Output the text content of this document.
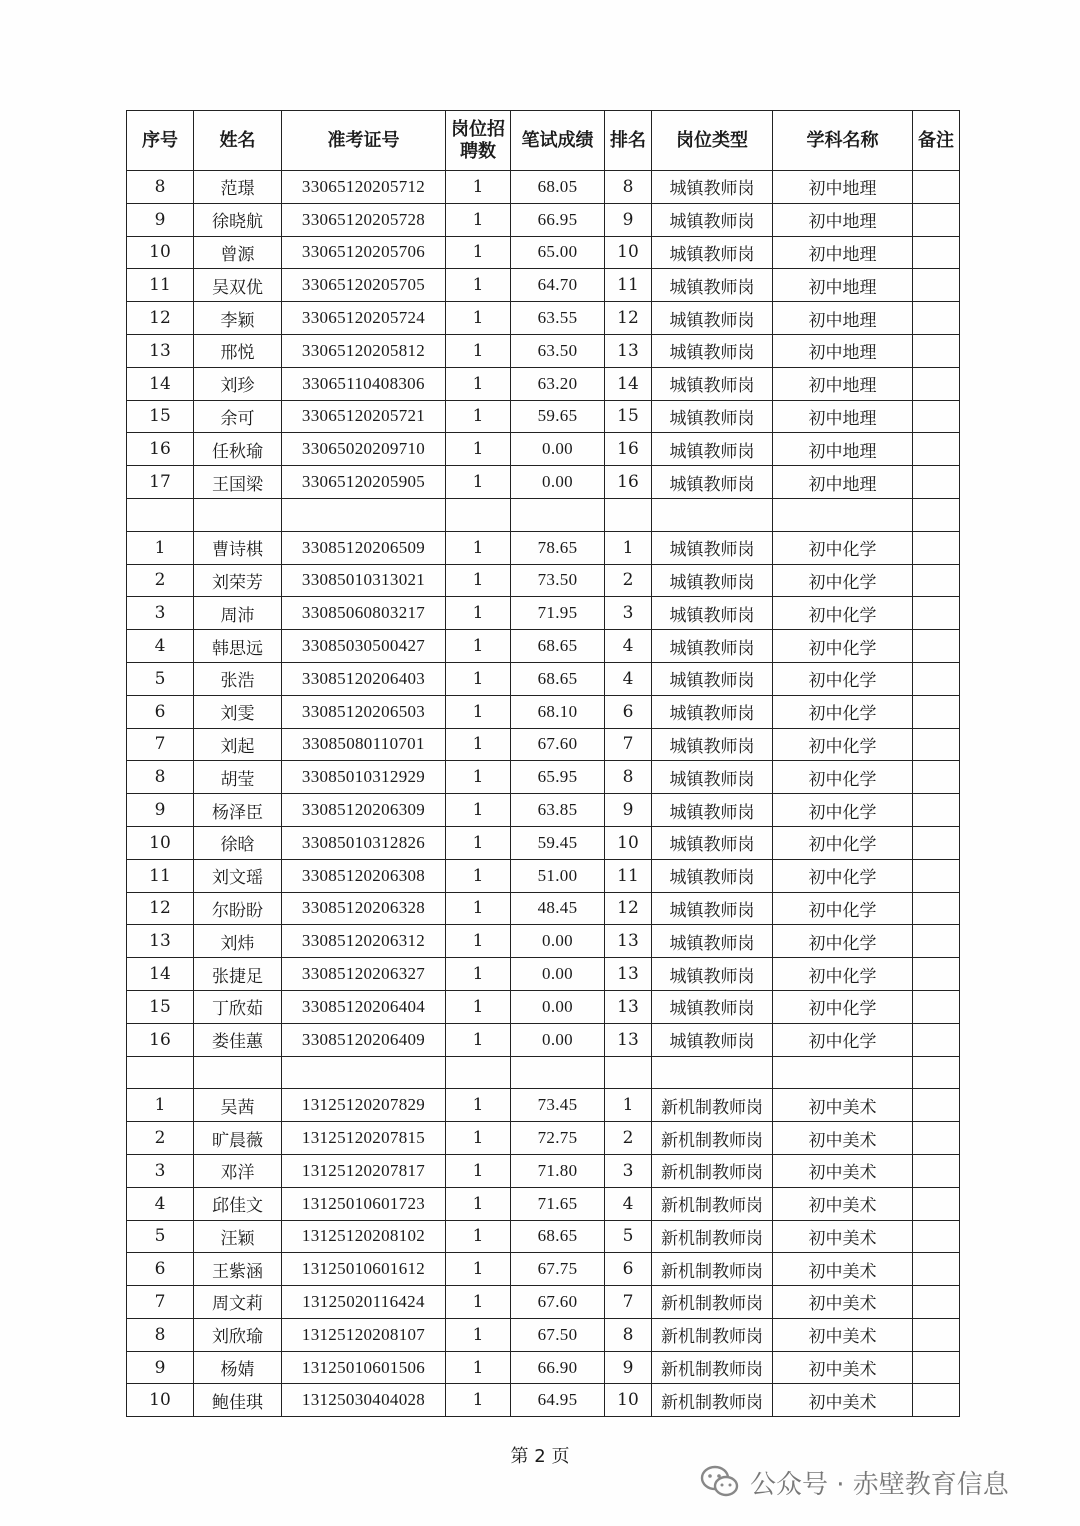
序号	姓名	准考证号	岗位招聘数	笔试成绩	排名	岗位类型	学科名称	备注
8	范璟	33065120205712	1	68.05	8	城镇教师岗	初中地理	
9	徐晓航	33065120205728	1	66.95	9	城镇教师岗	初中地理	
10	曾源	33065120205706	1	65.00	10	城镇教师岗	初中地理	
11	吴双优	33065120205705	1	64.70	11	城镇教师岗	初中地理	
12	李颖	33065120205724	1	63.55	12	城镇教师岗	初中地理	
13	邢悦	33065120205812	1	63.50	13	城镇教师岗	初中地理	
14	刘珍	33065110408306	1	63.20	14	城镇教师岗	初中地理	
15	余可	33065120205721	1	59.65	15	城镇教师岗	初中地理	
16	任秋瑜	33065020209710	1	0.00	16	城镇教师岗	初中地理	
17	王国梁	33065120205905	1	0.00	16	城镇教师岗	初中地理	

1	曹诗棋	33085120206509	1	78.65	1	城镇教师岗	初中化学	
2	刘荣芳	33085010313021	1	73.50	2	城镇教师岗	初中化学	
3	周沛	33085060803217	1	71.95	3	城镇教师岗	初中化学	
4	韩思远	33085030500427	1	68.65	4	城镇教师岗	初中化学	
5	张浩	33085120206403	1	68.65	4	城镇教师岗	初中化学	
6	刘雯	33085120206503	1	68.10	6	城镇教师岗	初中化学	
7	刘起	33085080110701	1	67.60	7	城镇教师岗	初中化学	
8	胡莹	33085010312929	1	65.95	8	城镇教师岗	初中化学	
9	杨泽臣	33085120206309	1	63.85	9	城镇教师岗	初中化学	
10	徐晗	33085010312826	1	59.45	10	城镇教师岗	初中化学	
11	刘文瑶	33085120206308	1	51.00	11	城镇教师岗	初中化学	
12	尔盼盼	33085120206328	1	48.45	12	城镇教师岗	初中化学	
13	刘炜	33085120206312	1	0.00	13	城镇教师岗	初中化学	
14	张捷足	33085120206327	1	0.00	13	城镇教师岗	初中化学	
15	丁欣茹	33085120206404	1	0.00	13	城镇教师岗	初中化学	
16	娄佳蕙	33085120206409	1	0.00	13	城镇教师岗	初中化学	

1	吴茜	13125120207829	1	73.45	1	新机制教师岗	初中美术	
2	旷晨薇	13125120207815	1	72.75	2	新机制教师岗	初中美术	
3	邓洋	13125120207817	1	71.80	3	新机制教师岗	初中美术	
4	邱佳文	13125010601723	1	71.65	4	新机制教师岗	初中美术	
5	汪颖	13125120208102	1	68.65	5	新机制教师岗	初中美术	
6	王紫涵	13125010601612	1	67.75	6	新机制教师岗	初中美术	
7	周文莉	13125020116424	1	67.60	7	新机制教师岗	初中美术	
8	刘欣瑜	13125120208107	1	67.50	8	新机制教师岗	初中美术	
9	杨婧	13125010601506	1	66.90	9	新机制教师岗	初中美术	
10	鲍佳琪	13125030404028	1	64.95	10	新机制教师岗	初中美术	
第 2 页
公众号 · 赤壁教育信息
